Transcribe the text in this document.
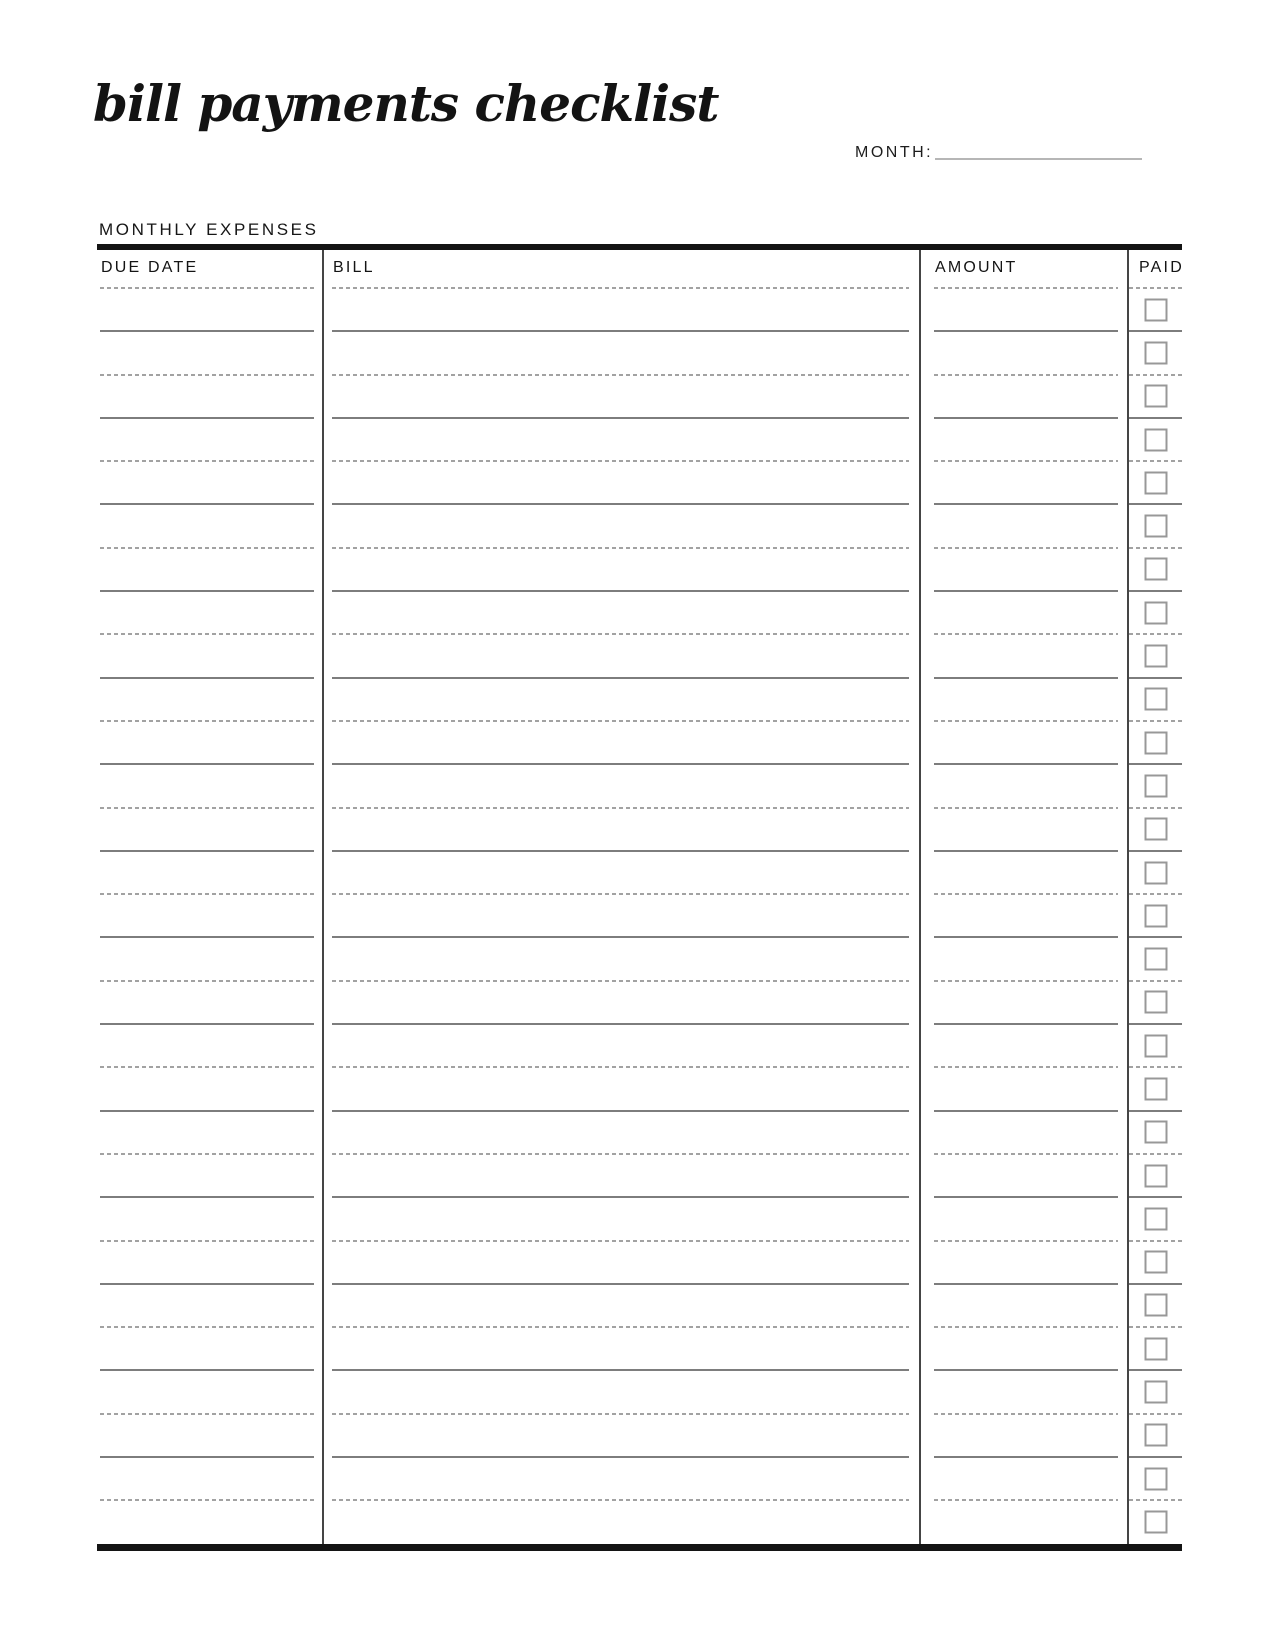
bill payments checklist
MONTH:
MONTHLY EXPENSES
DUE DATE	BILL	AMOUNT	PAID
